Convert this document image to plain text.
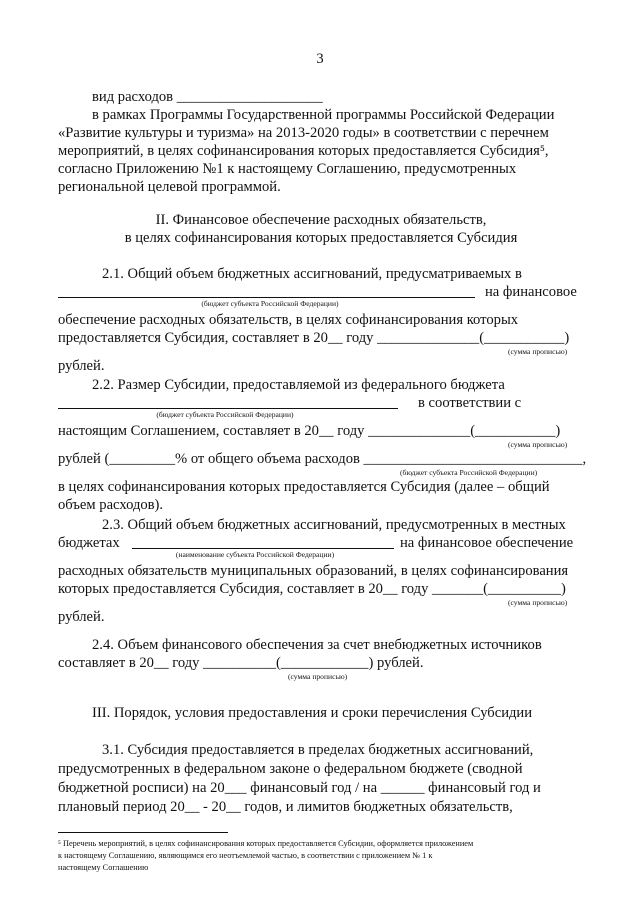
3
вид расходов ____________________
в рамках Программы Государственной программы Российской Федерации
«Развитие культуры и туризма» на 2013-2020 годы» в соответствии с перечнем
мероприятий, в целях софинансирования которых предоставляется Субсидия⁵,
согласно Приложению №1 к настоящему Соглашению, предусмотренных
региональной целевой программой.
II. Финансовое обеспечение расходных обязательств,
в целях софинансирования которых предоставляется Субсидия
2.1. Общий объем бюджетных ассигнований, предусматриваемых в
на финансовое
(бюджет субъекта Российской Федерации)
обеспечение расходных обязательств, в целях софинансирования которых
предоставляется Субсидия, составляет в 20__ году ______________(___________)
(сумма прописью)
рублей.
2.2. Размер Субсидии, предоставляемой из федерального бюджета
в соответствии с
(бюджет субъекта Российской Федерации)
настоящим Соглашением, составляет в 20__ году ______________(___________)
(сумма прописью)
рублей (_________% от общего объема расходов ______________________________,
(бюджет субъекта Российской Федерации)
в целях софинансирования которых предоставляется Субсидия (далее – общий
объем расходов).
2.3. Общий объем бюджетных ассигнований, предусмотренных в местных
бюджетах	на финансовое обеспечение
(наименование субъекта Российской Федерации)
расходных обязательств муниципальных образований, в целях софинансирования
которых предоставляется Субсидия, составляет в 20__ году _______(__________)
(сумма прописью)
рублей.
2.4. Объем финансового обеспечения за счет внебюджетных источников
составляет в 20__ году __________(____________) рублей.
(сумма прописью)
III. Порядок, условия предоставления и сроки перечисления Субсидии
3.1. Субсидия предоставляется в пределах бюджетных ассигнований,
предусмотренных в федеральном законе о федеральном бюджете (сводной
бюджетной росписи) на 20___ финансовый год / на ______ финансовый год и
плановый период 20__ - 20__ годов, и лимитов бюджетных обязательств,
⁵ Перечень мероприятий, в целях софинансирования которых предоставляется Субсидии, оформляется приложением
к настоящему Соглашению, являющимся его неотъемлемой частью, в соответствии с приложением № 1 к
настоящему Соглашению
